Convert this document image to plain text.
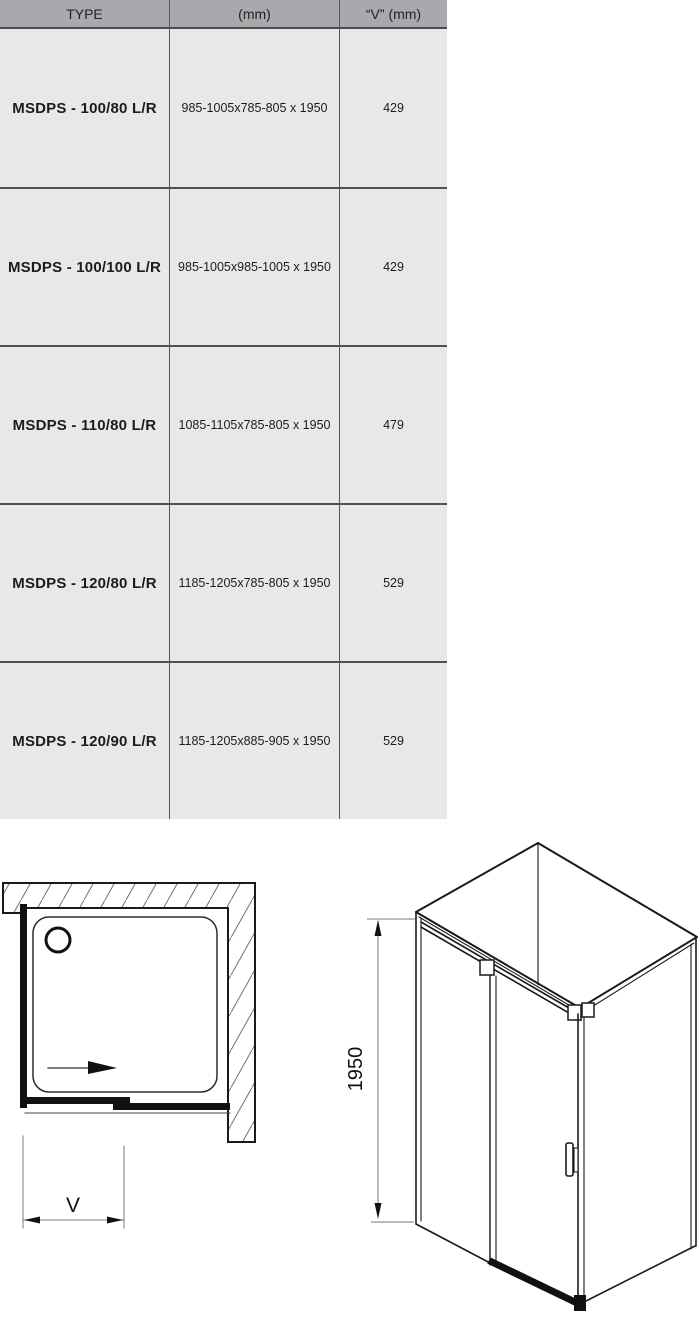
TYPE	(mm)	“V” (mm)
MSDPS - 100/80 L/R 985-1005x785-805 x 1950	429
MSDPS - 100/100 L/R 985-1005x985-1005 x 1950	429
MSDPS - 110/80 L/R 1085-1105x785-805 x 1950	479
MSDPS - 120/80 L/R 1185-1205x785-805 x 1950	529
MSDPS - 120/90 L/R 1185-1205x885-905 x 1950	529
V
1950
